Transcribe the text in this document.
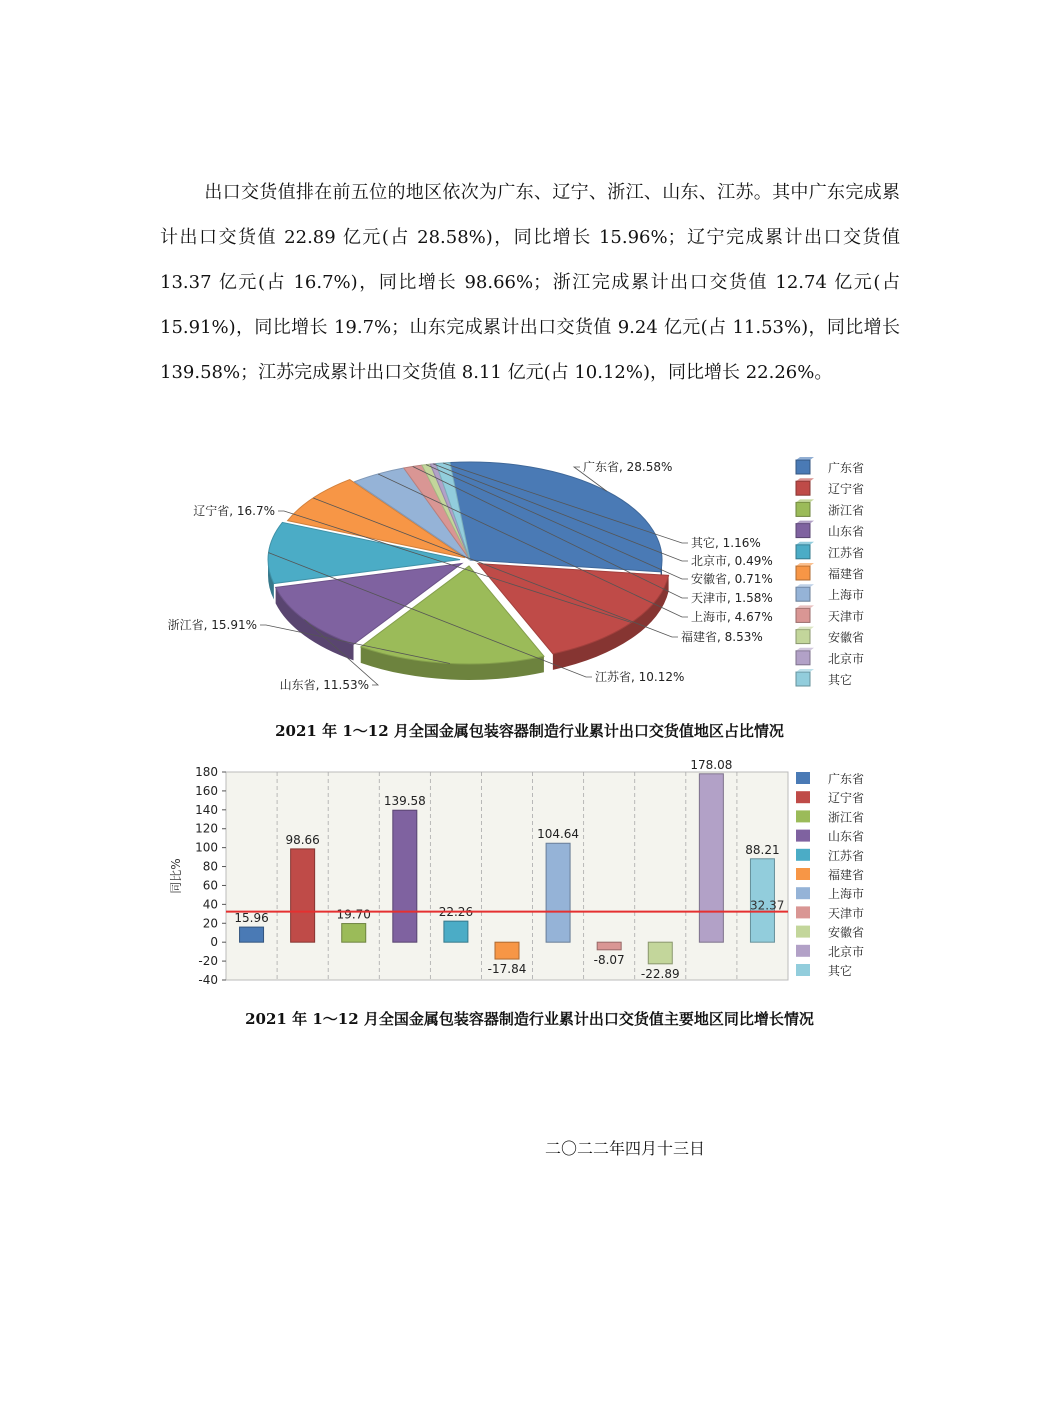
出口交货值排在前五位的地区依次为广东、辽宁、浙江、山东、江苏。其中广东完成累计出口交货值 22.89 亿元(占 28.58%)，同比增长 15.96%；辽宁完成累计出口交货值 13.37 亿元(占 16.7%)，同比增长 98.66%；浙江完成累计出口交货值 12.74 亿元(占 15.91%)，同比增长 19.7%；山东完成累计出口交货值 9.24 亿元(占 11.53%)，同比增长 139.58%；江苏完成累计出口交货值 8.11 亿元(占 10.12%)，同比增长 22.26%。

广东省, 28.58%
辽宁省, 16.7%
浙江省, 15.91%
山东省, 11.53%
江苏省, 10.12%
福建省, 8.53%
上海市, 4.67%
天津市, 1.58%
安徽省, 0.71%
北京市, 0.49%
其它, 1.16%
广东省
辽宁省
浙江省
山东省
江苏省
福建省
上海市
天津市
安徽省
北京市
其它
2021 年 1～12 月全国金属包装容器制造行业累计出口交货值地区占比情况
180
160
140
120
100
80
60
40
20
0
-20
-40
15.96
98.66
19.70
139.58
22.26
-17.84
104.64
-8.07
-22.89
178.08
88.21
32.37
同比%
广东省
辽宁省
浙江省
山东省
江苏省
福建省
上海市
天津市
安徽省
北京市
其它
2021 年 1～12 月全国金属包装容器制造行业累计出口交货值主要地区同比增长情况
二〇二二年四月十三日
